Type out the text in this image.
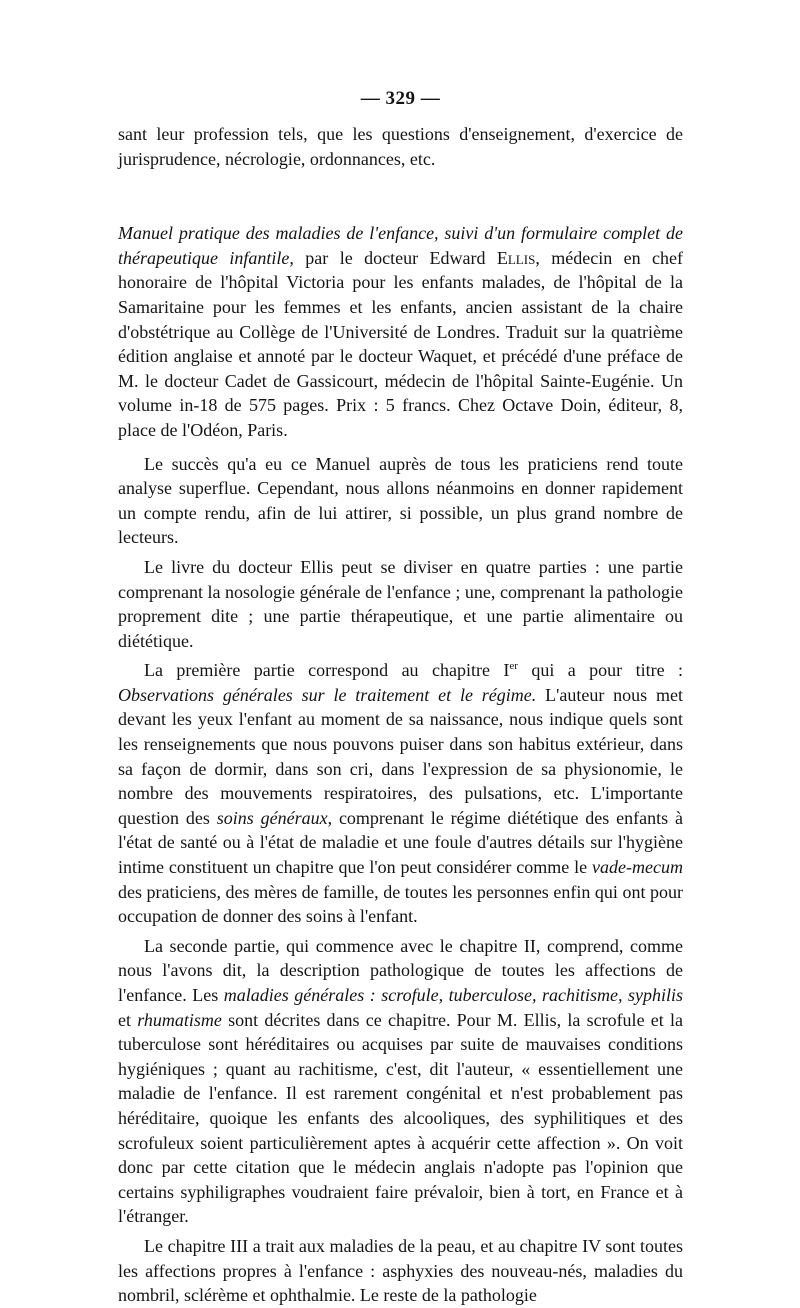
— 329 —

sant leur profession tels, que les questions d'enseignement, d'exercice de jurisprudence, nécrologie, ordonnances, etc.

Manuel pratique des maladies de l'enfance, suivi d'un formulaire complet de thérapeutique infantile, par le docteur Edward Ellis, médecin en chef honoraire de l'hôpital Victoria pour les enfants malades, de l'hôpital de la Samaritaine pour les femmes et les enfants, ancien assistant de la chaire d'obstétrique au Collège de l'Université de Londres. Traduit sur la quatrième édition anglaise et annoté par le docteur Waquet, et précédé d'une préface de M. le docteur Cadet de Gassicourt, médecin de l'hôpital Sainte-Eugénie. Un volume in-18 de 575 pages. Prix : 5 francs. Chez Octave Doin, éditeur, 8, place de l'Odéon, Paris.

Le succès qu'a eu ce Manuel auprès de tous les praticiens rend toute analyse superflue. Cependant, nous allons néanmoins en donner rapidement un compte rendu, afin de lui attirer, si possible, un plus grand nombre de lecteurs.

Le livre du docteur Ellis peut se diviser en quatre parties : une partie comprenant la nosologie générale de l'enfance ; une, comprenant la pathologie proprement dite ; une partie thérapeutique, et une partie alimentaire ou diététique.

La première partie correspond au chapitre Ier qui a pour titre : Observations générales sur le traitement et le régime. L'auteur nous met devant les yeux l'enfant au moment de sa naissance, nous indique quels sont les renseignements que nous pouvons puiser dans son habitus extérieur, dans sa façon de dormir, dans son cri, dans l'expression de sa physionomie, le nombre des mouvements respiratoires, des pulsations, etc. L'importante question des soins généraux, comprenant le régime diététique des enfants à l'état de santé ou à l'état de maladie et une foule d'autres détails sur l'hygiène intime constituent un chapitre que l'on peut considérer comme le vade-mecum des praticiens, des mères de famille, de toutes les personnes enfin qui ont pour occupation de donner des soins à l'enfant.

La seconde partie, qui commence avec le chapitre II, comprend, comme nous l'avons dit, la description pathologique de toutes les affections de l'enfance. Les maladies générales : scrofule, tuberculose, rachitisme, syphilis et rhumatisme sont décrites dans ce chapitre. Pour M. Ellis, la scrofule et la tuberculose sont héréditaires ou acquises par suite de mauvaises conditions hygiéniques ; quant au rachitisme, c'est, dit l'auteur, « essentiellement une maladie de l'enfance. Il est rarement congénital et n'est probablement pas héréditaire, quoique les enfants des alcooliques, des syphilitiques et des scrofuleux soient particulièrement aptes à acquérir cette affection ». On voit donc par cette citation que le médecin anglais n'adopte pas l'opinion que certains syphiligraphes voudraient faire prévaloir, bien à tort, en France et à l'étranger.

Le chapitre III a trait aux maladies de la peau, et au chapitre IV sont toutes les affections propres à l'enfance : asphyxies des nouveau-nés, maladies du nombril, sclérème et ophthalmie. Le reste de la pathologie
